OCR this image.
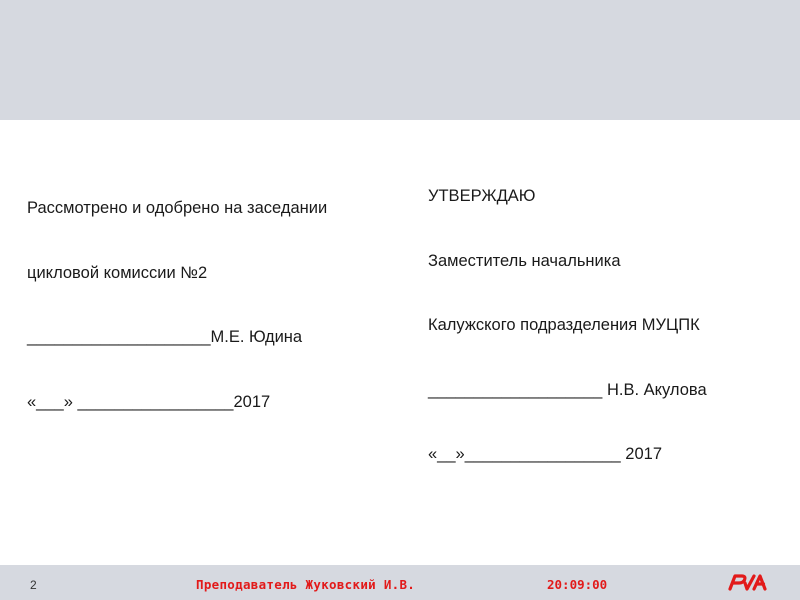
Рассмотрено и одобрено на заседании

цикловой комиссии №2

____________________М.Е. Юдина

«___» _________________2017

УТВЕРЖДАЮ

Заместитель начальника

Калужского подразделения МУЦПК

___________________ Н.В. Акулова

«__»_________________ 2017

2	Преподаватель Жуковский И.В.	20:09:00
